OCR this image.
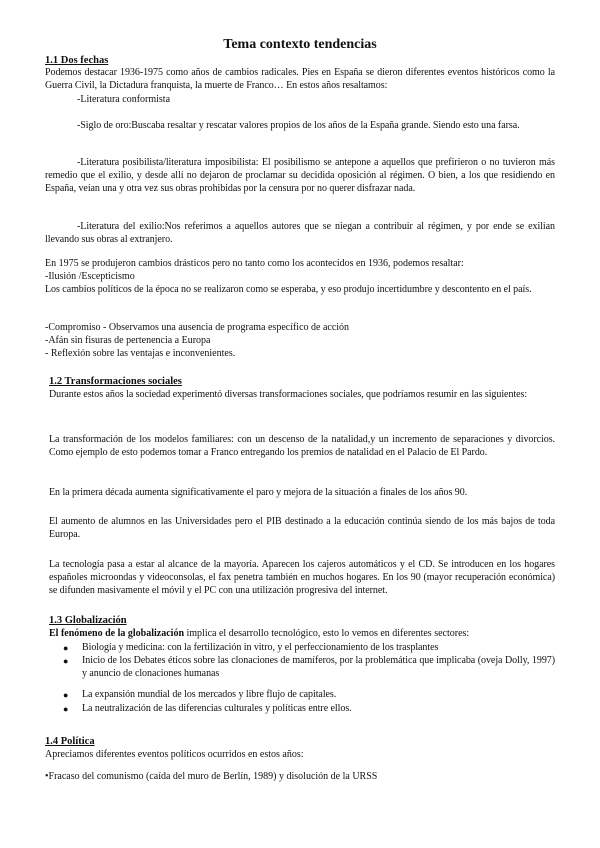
Tema contexto tendencias
1.1 Dos fechas

Podemos destacar 1936-1975 como años de cambios radicales. Pies en España se dieron diferentes eventos históricos como la Guerra Civil, la Dictadura franquista, la muerte de Franco… En estos años resaltamos:

-Literatura conformista

-Siglo de oro:Buscaba resaltar y rescatar valores propios de los años de la España grande. Siendo esto una farsa.

-Literatura posibilista/literatura imposibilista: El posibilismo se antepone a aquellos que prefirieron o no tuvieron más remedio que el exilio, y desde allí no dejaron de proclamar su decidida oposición al régimen. O bien, a los que residiendo en España, veían una y otra vez sus obras prohibidas por la censura por no querer disfrazar nada.

-Literatura del exilio:Nos referimos a aquellos autores que se niegan a contribuir al régimen, y por ende se exilian llevando sus obras al extranjero.

En 1975 se produjeron cambios drásticos pero no tanto como los acontecidos en 1936, podemos resaltar:

-Ilusión /Escepticismo

Los cambios políticos de la época no se realizaron como se esperaba, y eso produjo incertidumbre y descontento en el país.

-Compromiso - Observamos una ausencia de programa específico de acción

-Afán sin fisuras de pertenencia a Europa

- Reflexión sobre las ventajas e inconvenientes.

1.2 Transformaciones sociales

Durante estos años la sociedad experimentó diversas transformaciones sociales, que podríamos resumir en las siguientes:

La transformación de los modelos familiares: con un descenso de la natalidad,y un incremento de separaciones y divorcios. Como ejemplo de esto podemos tomar a Franco entregando los premios de natalidad en el Palacio de El Pardo.

En la primera década aumenta significativamente el paro y mejora de la situación a finales de los años 90.

El aumento de alumnos en las Universidades pero el PIB destinado a la educación continúa siendo de los más bajos de toda Europa.

La tecnología pasa a estar al alcance de la mayoría. Aparecen los cajeros automáticos y el CD. Se introducen en los hogares españoles microondas y videoconsolas, el fax penetra también en muchos hogares. En los 90 (mayor recuperación económica) se difunden masivamente el móvil y el PC con una utilización progresiva del internet.

1.3 Globalización

El fenómeno de la globalización implica el desarrollo tecnológico, esto lo vemos en diferentes sectores:

● Biología y medicina: con la fertilización in vitro, y el perfeccionamiento de los trasplantes

● Inicio de los Debates éticos sobre las clonaciones de mamíferos, por la problemática que implicaba (oveja Dolly, 1997) y anuncio de clonaciones humanas

● La expansión mundial de los mercados y libre flujo de capitales.

● La neutralización de las diferencias culturales y políticas entre ellos.

1.4 Política

Apreciamos diferentes eventos políticos ocurridos en estos años:

•Fracaso del comunismo (caída del muro de Berlín, 1989) y disolución de la URSS
